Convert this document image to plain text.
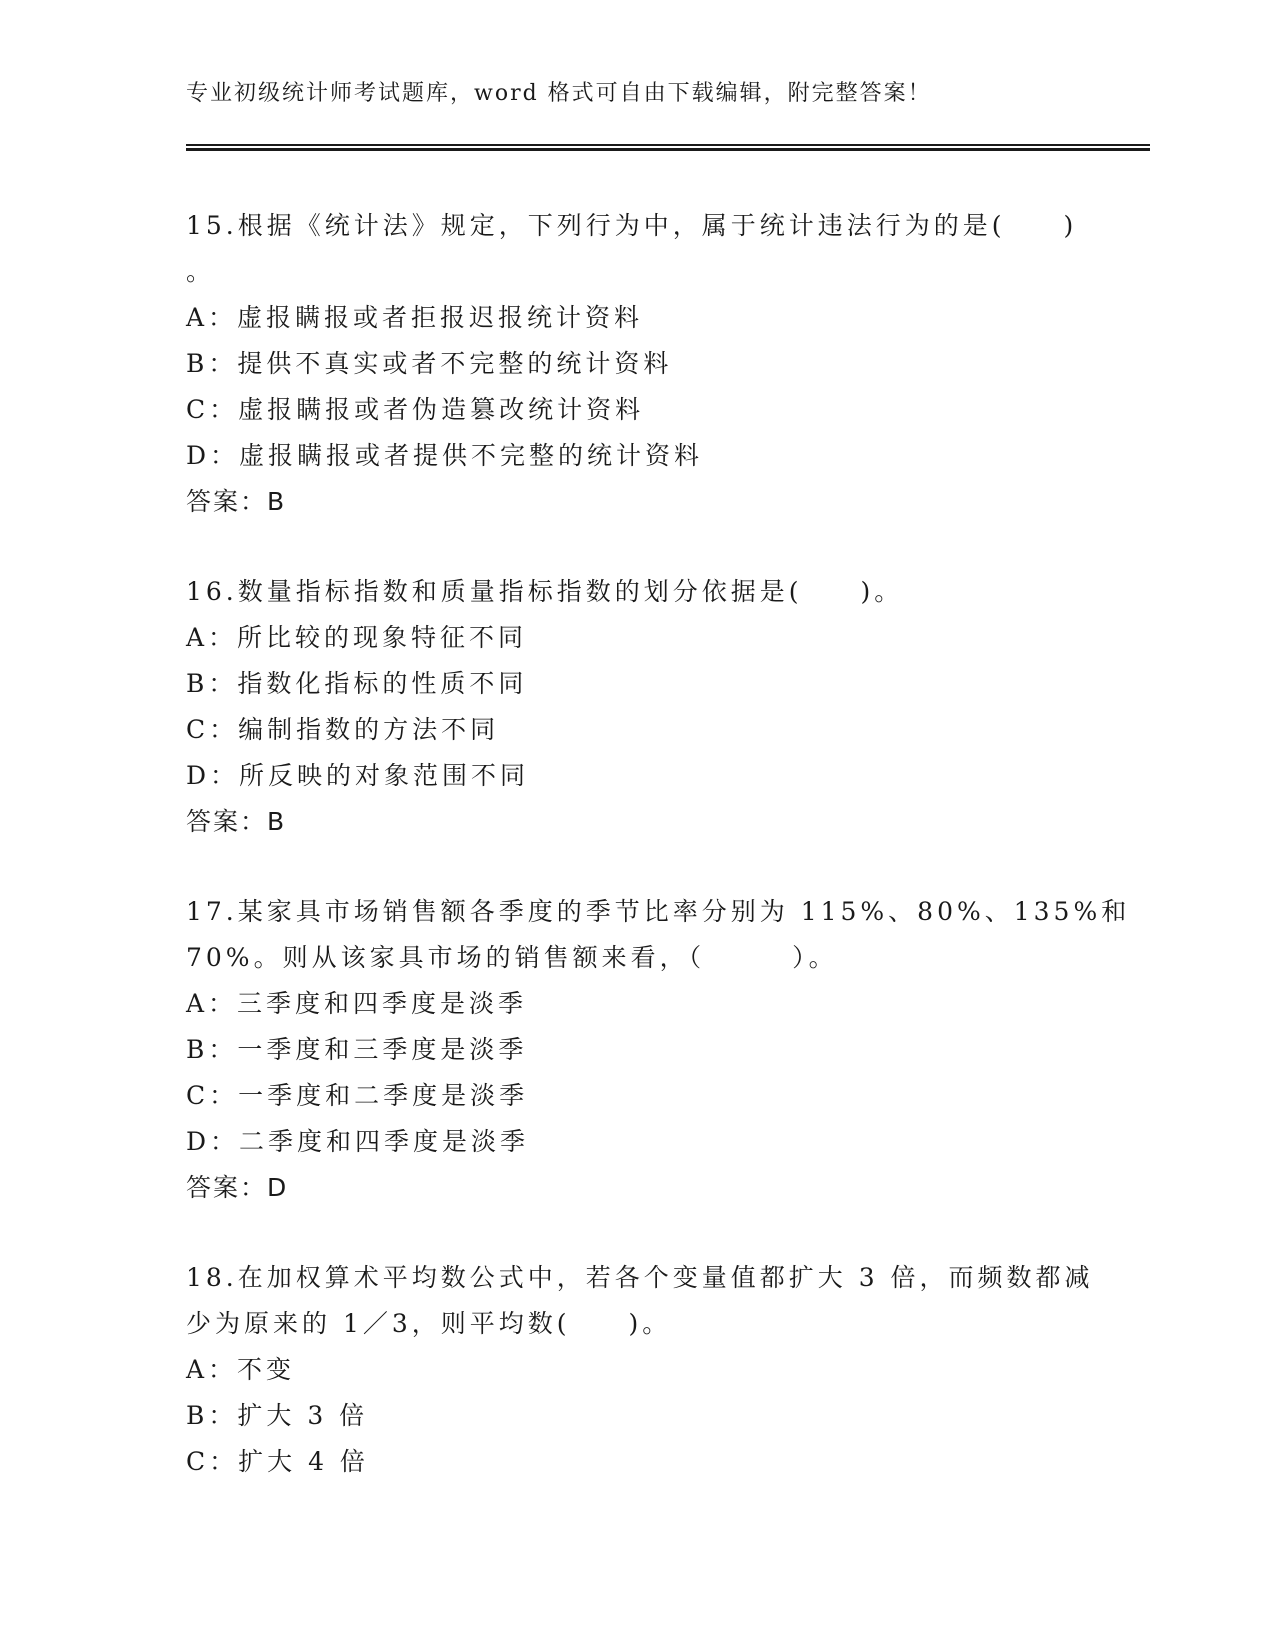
专业初级统计师考试题库，word 格式可自由下载编辑，附完整答案！
15.根据《统计法》规定，下列行为中，属于统计违法行为的是(　　)
。
A：虚报瞒报或者拒报迟报统计资料
B：提供不真实或者不完整的统计资料
C：虚报瞒报或者伪造篡改统计资料
D：虚报瞒报或者提供不完整的统计资料
答案：B
16.数量指标指数和质量指标指数的划分依据是(　　)。
A：所比较的现象特征不同
B：指数化指标的性质不同
C：编制指数的方法不同
D：所反映的对象范围不同
答案：B
17.某家具市场销售额各季度的季节比率分别为 115%、80%、135%和
70%。则从该家具市场的销售额来看，（　　　）。
A：三季度和四季度是淡季
B：一季度和三季度是淡季
C：一季度和二季度是淡季
D：二季度和四季度是淡季
答案：D
18.在加权算术平均数公式中，若各个变量值都扩大 3 倍，而频数都减
少为原来的 1／3，则平均数(　　)。
A：不变
B：扩大 3 倍
C：扩大 4 倍
